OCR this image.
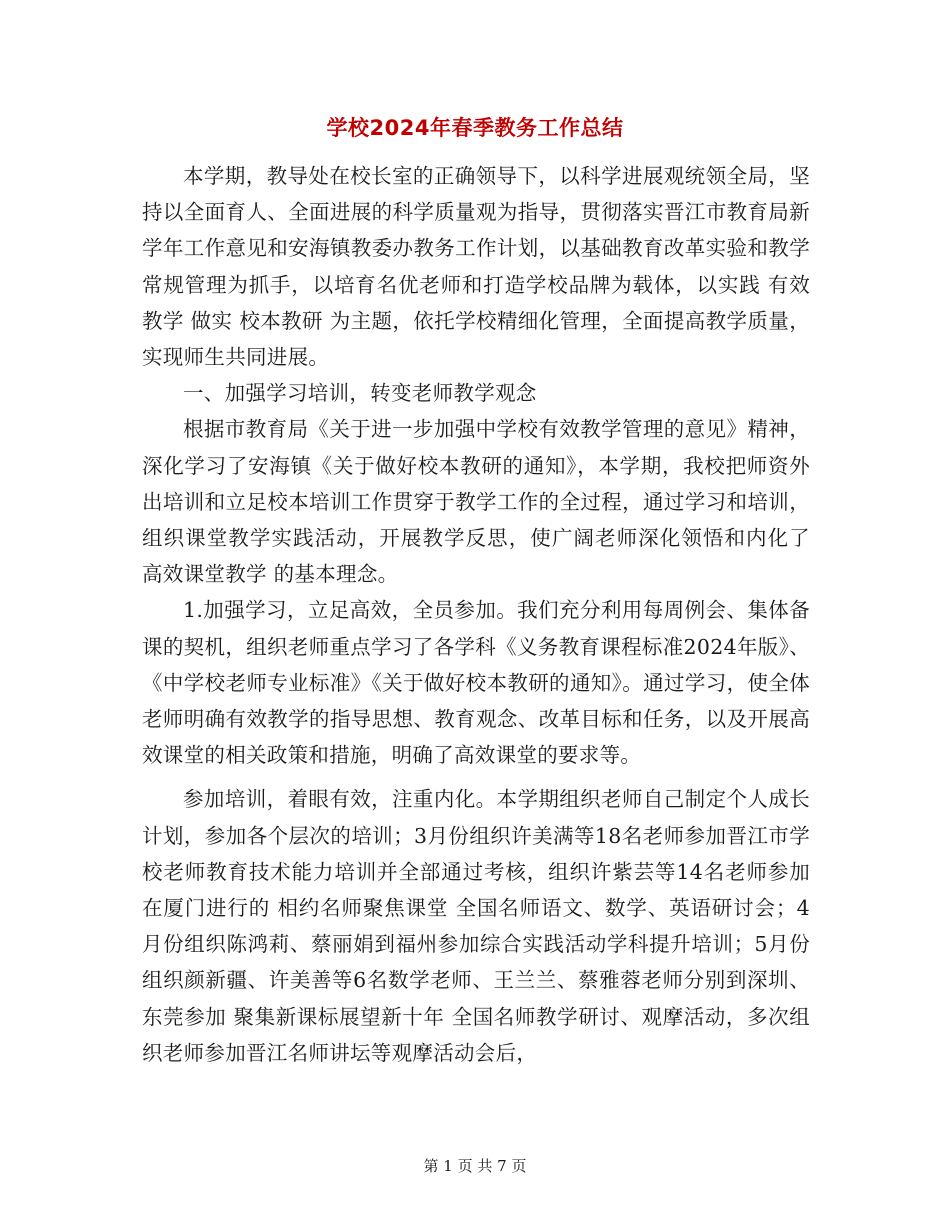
学校2024年春季教务工作总结

本学期，教导处在校长室的正确领导下，以科学进展观统领全局，坚持以全面育人、全面进展的科学质量观为指导，贯彻落实晋江市教育局新学年工作意见和安海镇教委办教务工作计划，以基础教育改革实验和教学常规管理为抓手，以培育名优老师和打造学校品牌为载体，以实践 有效教学 做实 校本教研 为主题，依托学校精细化管理，全面提高教学质量，实现师生共同进展。

一、加强学习培训，转变老师教学观念

根据市教育局《关于进一步加强中学校有效教学管理的意见》精神，深化学习了安海镇《关于做好校本教研的通知》，本学期，我校把师资外出培训和立足校本培训工作贯穿于教学工作的全过程，通过学习和培训，组织课堂教学实践活动，开展教学反思，使广阔老师深化领悟和内化了 高效课堂教学 的基本理念。

1.加强学习，立足高效，全员参加。我们充分利用每周例会、集体备课的契机，组织老师重点学习了各学科《义务教育课程标准2024年版》、《中学校老师专业标准》《关于做好校本教研的通知》。通过学习，使全体老师明确有效教学的指导思想、教育观念、改革目标和任务，以及开展高效课堂的相关政策和措施，明确了高效课堂的要求等。

参加培训，着眼有效，注重内化。本学期组织老师自己制定个人成长计划，参加各个层次的培训；3月份组织许美满等18名老师参加晋江市学校老师教育技术能力培训并全部通过考核，组织许紫芸等14名老师参加在厦门进行的 相约名师聚焦课堂 全国名师语文、数学、英语研讨会；4月份组织陈鸿莉、蔡丽娟到福州参加综合实践活动学科提升培训；5月份组织颜新疆、许美善等6名数学老师、王兰兰、蔡雅蓉老师分别到深圳、东莞参加 聚集新课标展望新十年 全国名师教学研讨、观摩活动，多次组织老师参加晋江名师讲坛等观摩活动会后，

第 1 页 共 7 页
